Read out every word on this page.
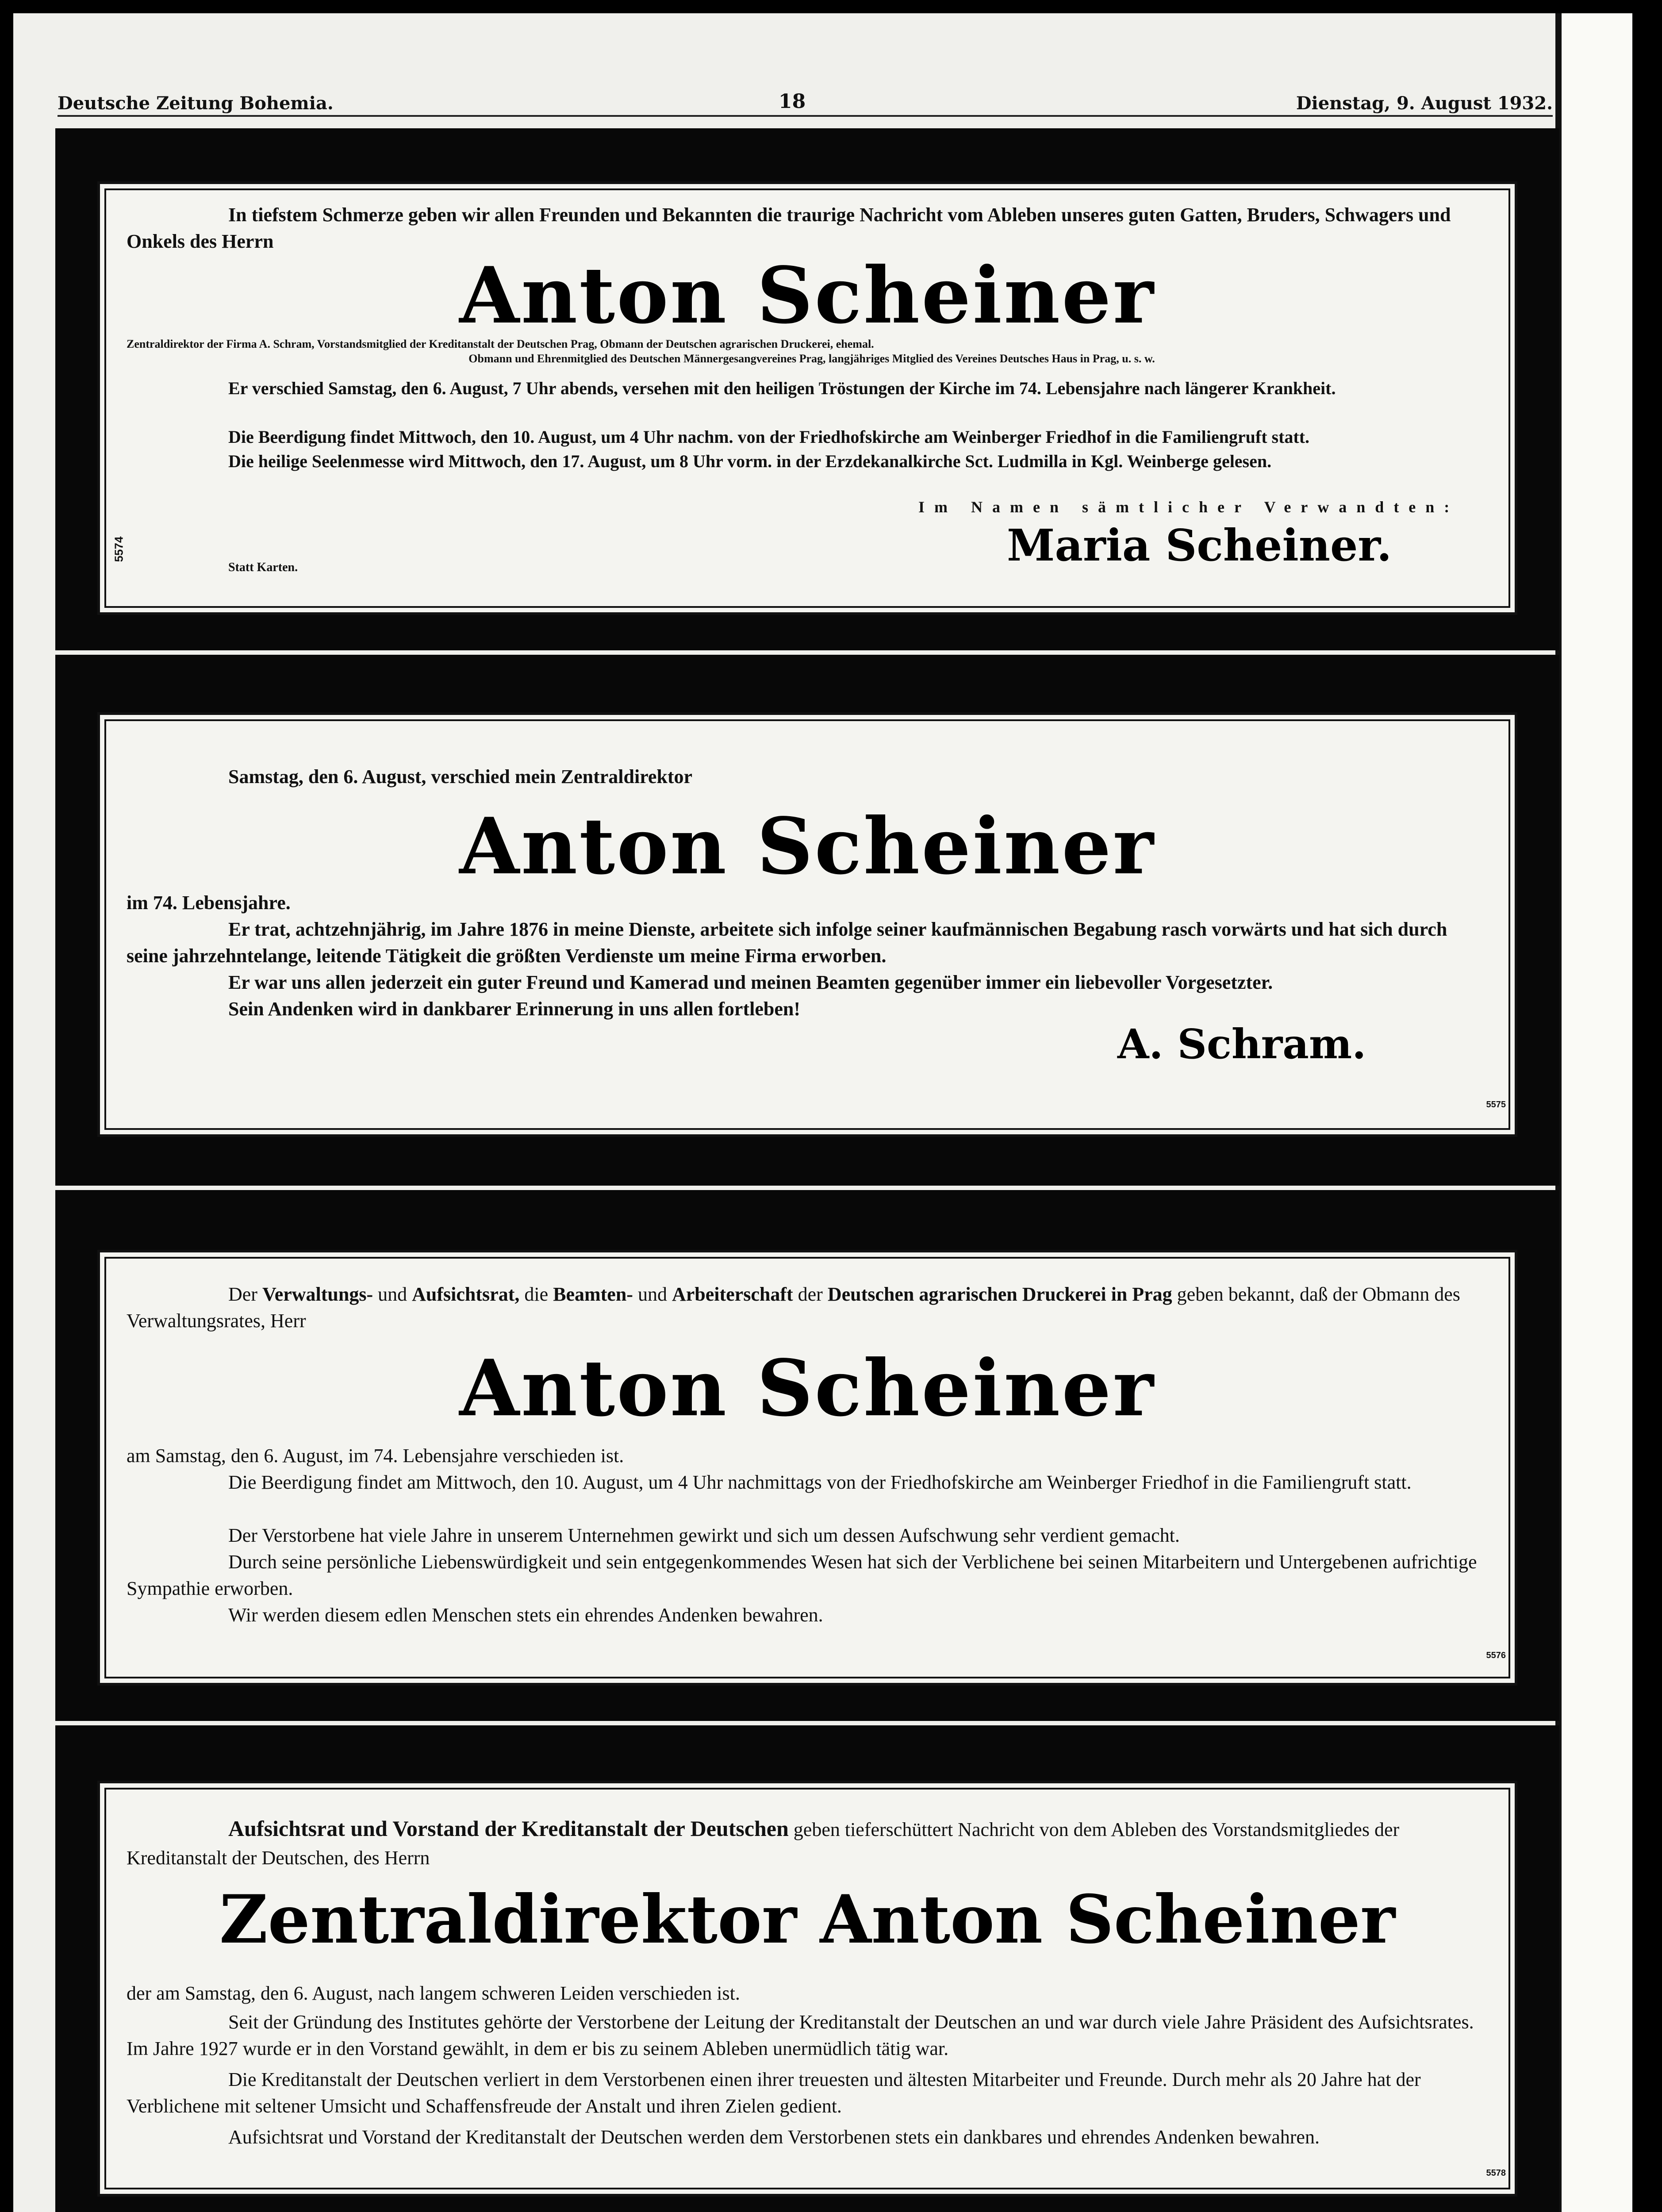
Deutsche Zeitung Bohemia.	18	Dienstag, 9. August 1932.
In tiefstem Schmerze geben wir allen Freunden und Bekannten die traurige Nachricht vom Ableben unseres guten Gatten, Bruders, Schwagers und Onkels des Herrn
Anton Scheiner
Zentraldirektor der Firma A. Schram, Vorstandsmitglied der Kreditanstalt der Deutschen Prag, Obmann der Deutschen agrarischen Druckerei, ehemal.
Obmann und Ehrenmitglied des Deutschen Männergesangvereines Prag, langjähriges Mitglied des Vereines Deutsches Haus in Prag, u. s. w.
Er verschied Samstag, den 6. August, 7 Uhr abends, versehen mit den heiligen Tröstungen der Kirche im 74. Lebensjahre nach längerer Krankheit.
Die Beerdigung findet Mittwoch, den 10. August, um 4 Uhr nachm. von der Friedhofskirche am Weinberger Friedhof in die Familiengruft statt.
Die heilige Seelenmesse wird Mittwoch, den 17. August, um 8 Uhr vorm. in der Erzdekanalkirche Sct. Ludmilla in Kgl. Weinberge gelesen.
Im Namen sämtlicher Verwandten:
Maria Scheiner.
Statt Karten.
5574
Samstag, den 6. August, verschied mein Zentraldirektor
Anton Scheiner
im 74. Lebensjahre.
Er trat, achtzehnjährig, im Jahre 1876 in meine Dienste, arbeitete sich infolge seiner kaufmännischen Begabung rasch vorwärts und hat sich durch seine jahrzehntelange, leitende Tätigkeit die größten Verdienste um meine Firma erworben.
Er war uns allen jederzeit ein guter Freund und Kamerad und meinen Beamten gegenüber immer ein liebevoller Vorgesetzter.
Sein Andenken wird in dankbarer Erinnerung in uns allen fortleben!
A. Schram.
5575
Der Verwaltungs- und Aufsichtsrat, die Beamten- und Arbeiterschaft der Deutschen agrarischen Druckerei in Prag geben bekannt, daß der Obmann des Verwaltungsrates, Herr
Anton Scheiner
am Samstag, den 6. August, im 74. Lebensjahre verschieden ist.
Die Beerdigung findet am Mittwoch, den 10. August, um 4 Uhr nachmittags von der Friedhofskirche am Weinberger Friedhof in die Familiengruft statt.
Der Verstorbene hat viele Jahre in unserem Unternehmen gewirkt und sich um dessen Aufschwung sehr verdient gemacht.
Durch seine persönliche Liebenswürdigkeit und sein entgegenkommendes Wesen hat sich der Verblichene bei seinen Mitarbeitern und Untergebenen aufrichtige Sympathie erworben.
Wir werden diesem edlen Menschen stets ein ehrendes Andenken bewahren.
5576
Aufsichtsrat und Vorstand der Kreditanstalt der Deutschen geben tieferschüttert Nachricht von dem Ableben des Vorstandsmitgliedes der Kreditanstalt der Deutschen, des Herrn
Zentraldirektor Anton Scheiner
der am Samstag, den 6. August, nach langem schweren Leiden verschieden ist.
Seit der Gründung des Institutes gehörte der Verstorbene der Leitung der Kreditanstalt der Deutschen an und war durch viele Jahre Präsident des Aufsichtsrates. Im Jahre 1927 wurde er in den Vorstand gewählt, in dem er bis zu seinem Ableben unermüdlich tätig war.
Die Kreditanstalt der Deutschen verliert in dem Verstorbenen einen ihrer treuesten und ältesten Mitarbeiter und Freunde. Durch mehr als 20 Jahre hat der Verblichene mit seltener Umsicht und Schaffensfreude der Anstalt und ihren Zielen gedient.
Aufsichtsrat und Vorstand der Kreditanstalt der Deutschen werden dem Verstorbenen stets ein dankbares und ehrendes Andenken bewahren.
5578
